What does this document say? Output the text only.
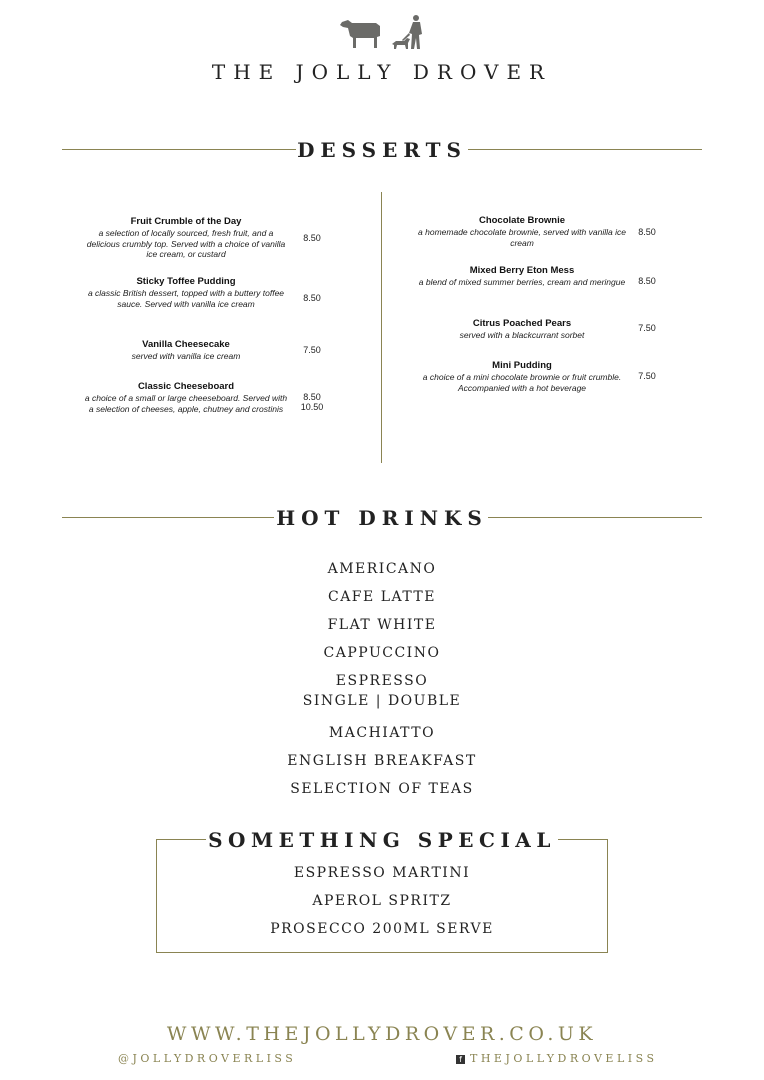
THE JOLLY DROVER
DESSERTS
Fruit Crumble of the Day
a selection of locally sourced, fresh fruit, and a delicious crumbly top. Served with a choice of vanilla ice cream, or custard
8.50
Sticky Toffee Pudding
a classic British dessert, topped with a buttery toffee sauce. Served with vanilla ice cream
8.50
Vanilla Cheesecake
served with vanilla ice cream
7.50
Classic Cheeseboard
a choice of a small or large cheeseboard. Served with a selection of cheeses, apple, chutney and crostinis
8.50
10.50
Chocolate Brownie
a homemade chocolate brownie, served with vanilla ice cream
8.50
Mixed Berry Eton Mess
a blend of mixed summer berries, cream and meringue	8.50
Citrus Poached Pears
served with a blackcurrant sorbet
7.50
Mini Pudding
a choice of a mini chocolate brownie or fruit crumble. Accompanied with a hot beverage
7.50
HOT DRINKS
AMERICANO
CAFE LATTE
FLAT WHITE
CAPPUCCINO
ESPRESSO
SINGLE | DOUBLE
MACHIATTO
ENGLISH BREAKFAST
SELECTION OF TEAS
SOMETHING SPECIAL
ESPRESSO MARTINI
APEROL SPRITZ
PROSECCO 200ML SERVE
WWW.THEJOLLYDROVER.CO.UK
@JOLLYDROVERLISS	f THEJOLLYDROVELISS
